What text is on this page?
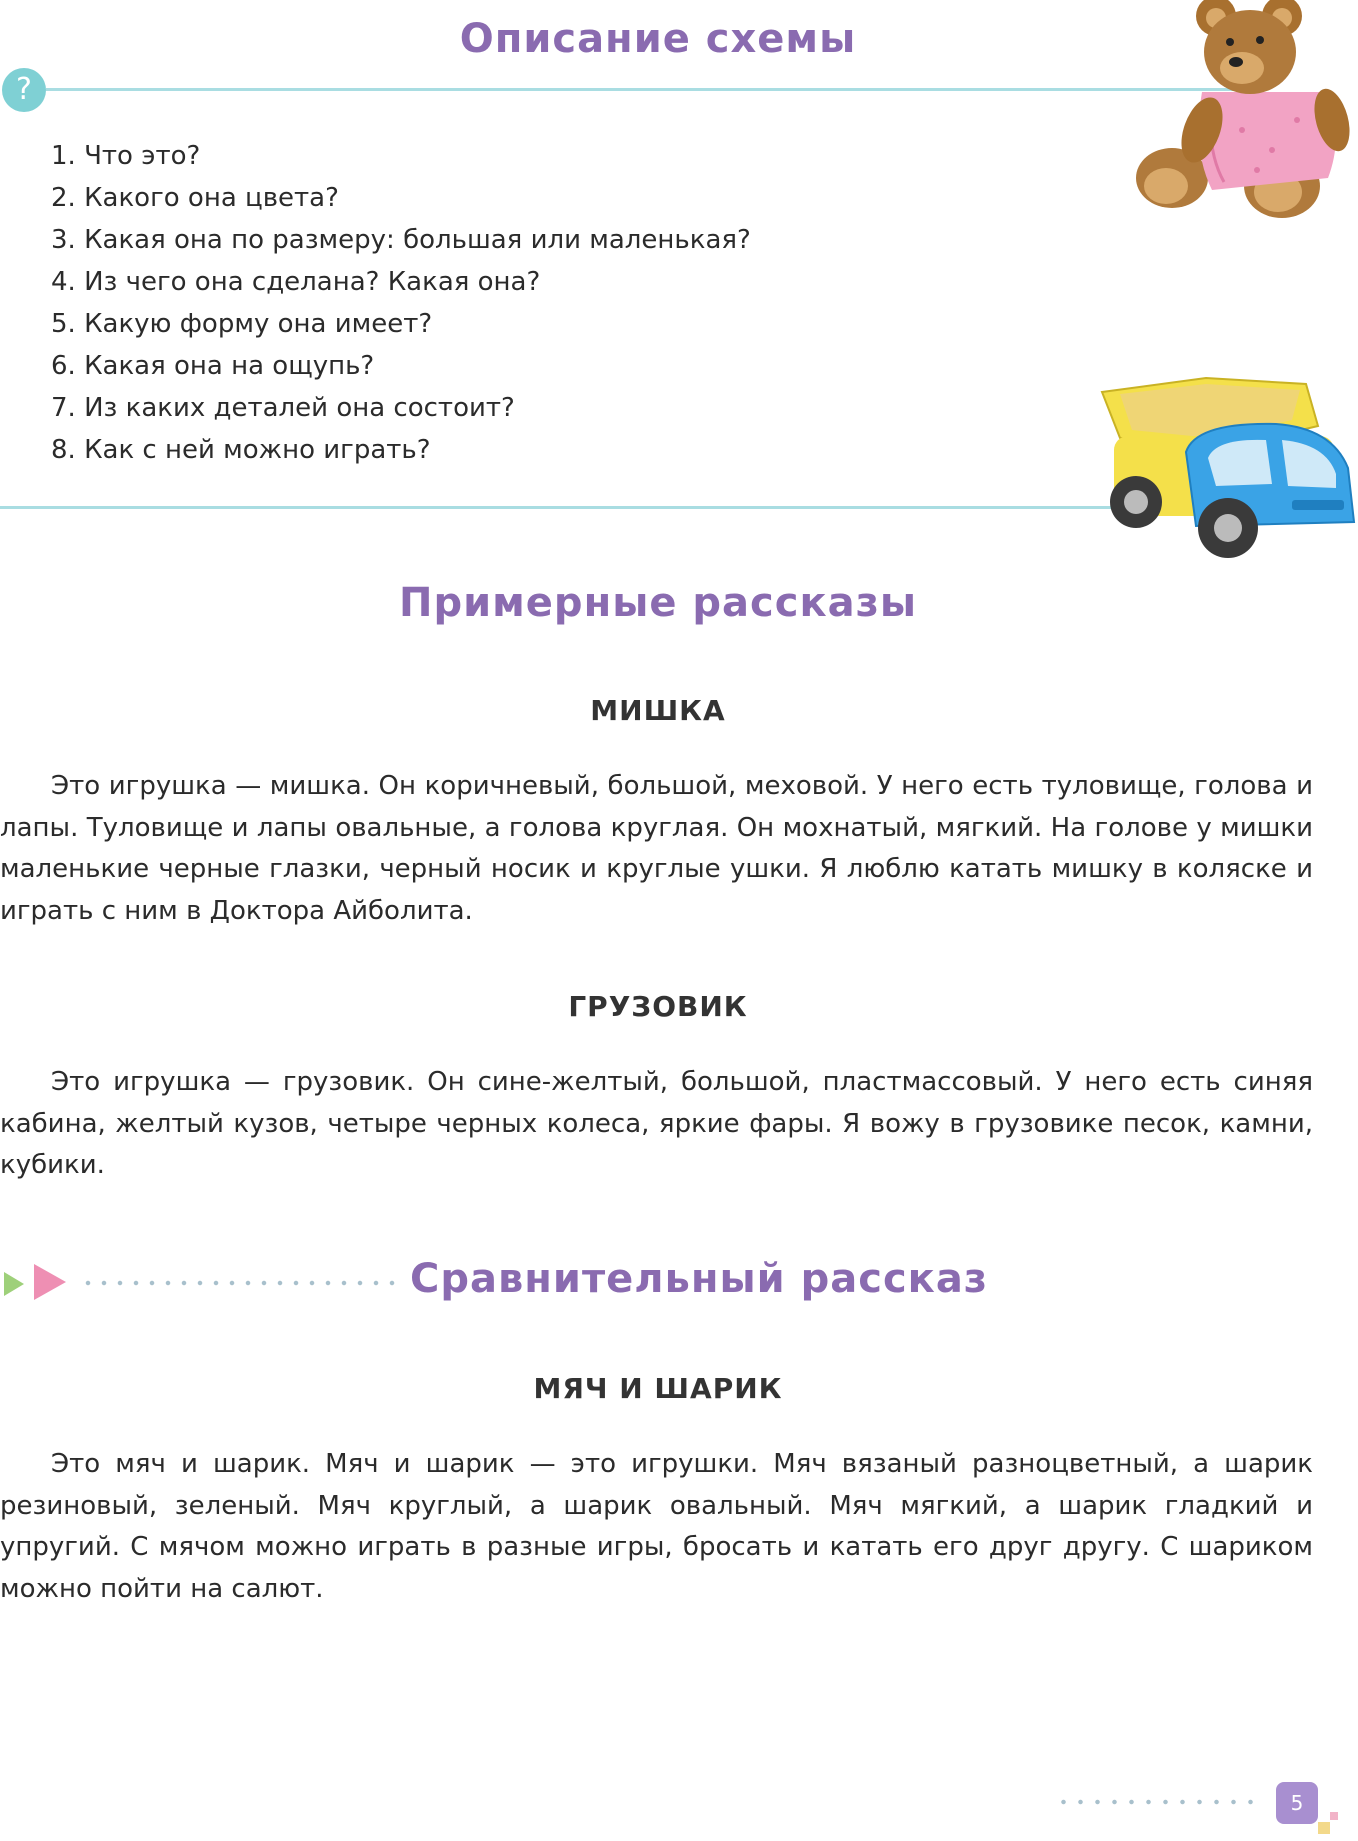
Описание схемы
?
1. Что это?
2. Какого она цвета?
3. Какая она по размеру: большая или маленькая?
4. Из чего она сделана? Какая она?
5. Какую форму она имеет?
6. Какая она на ощупь?
7. Из каких деталей она состоит?
8. Как с ней можно играть?
Примерные рассказы
МИШКА

Это игрушка — мишка. Он коричневый, большой, меховой. У него есть туловище, голова и лапы. Туловище и лапы овальные, а голова круглая. Он мохнатый, мягкий. На голове у мишки маленькие черные глазки, черный носик и круглые ушки. Я люблю катать мишку в коляске и играть с ним в Доктора Айболита.

ГРУЗОВИК

Это игрушка — грузовик. Он сине-желтый, большой, пластмассовый. У него есть синяя кабина, желтый кузов, четыре черных колеса, яркие фары. Я вожу в грузовике песок, камни, кубики.

Сравнительный рассказ
МЯЧ И ШАРИК

Это мяч и шарик. Мяч и шарик — это игрушки. Мяч вязаный разноцветный, а шарик резиновый, зеленый. Мяч круглый, а шарик овальный. Мяч мягкий, а шарик гладкий и упругий. С мячом можно играть в разные игры, бросать и катать его друг другу. С шариком можно пойти на салют.

5
